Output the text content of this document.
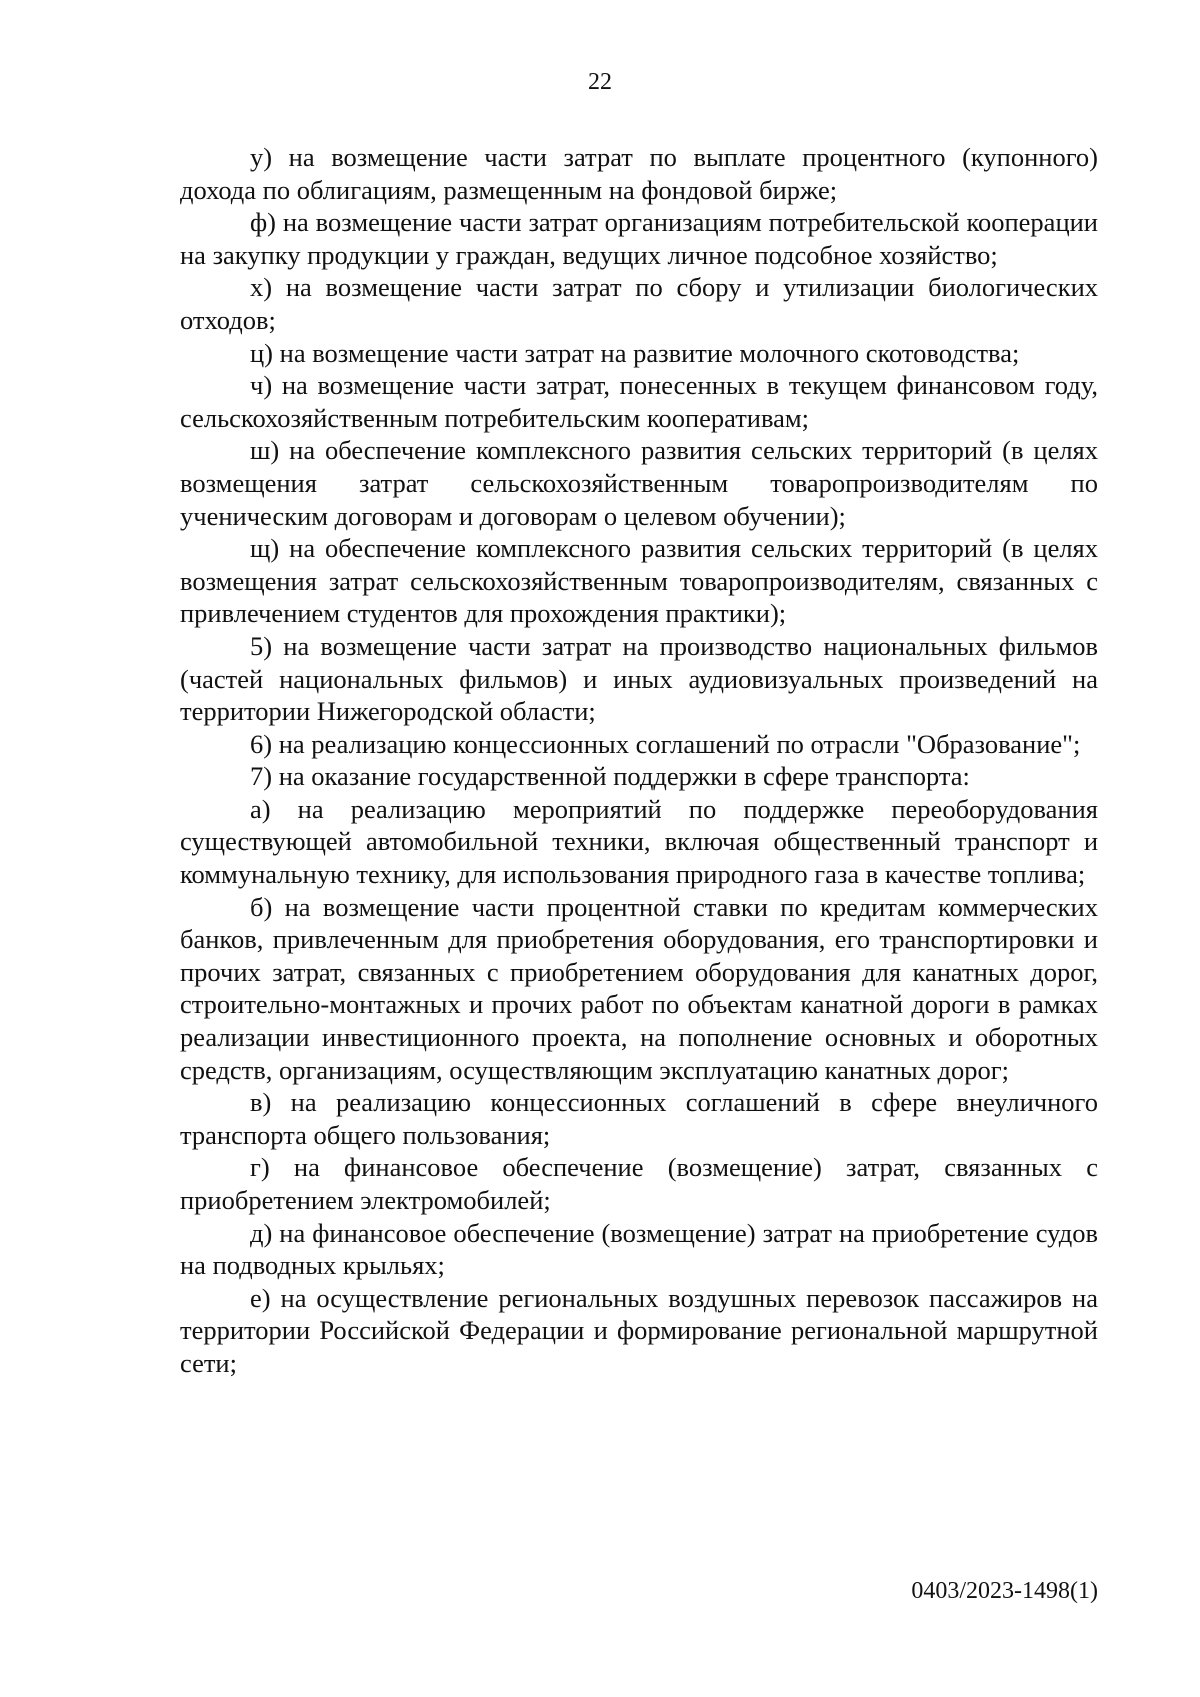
22

у) на возмещение части затрат по выплате процентного (купонного) дохода по облигациям, размещенным на фондовой бирже;

ф) на возмещение части затрат организациям потребительской кооперации на закупку продукции у граждан, ведущих личное подсобное хозяйство;

х) на возмещение части затрат по сбору и утилизации биологических отходов;

ц) на возмещение части затрат на развитие молочного скотоводства;

ч) на возмещение части затрат, понесенных в текущем финансовом году, сельскохозяйственным потребительским кооперативам;

ш) на обеспечение комплексного развития сельских территорий (в целях возмещения затрат сельскохозяйственным товаропроизводителям по ученическим договорам и договорам о целевом обучении);

щ) на обеспечение комплексного развития сельских территорий (в целях возмещения затрат сельскохозяйственным товаропроизводителям, связанных с привлечением студентов для прохождения практики);

5) на возмещение части затрат на производство национальных фильмов (частей национальных фильмов) и иных аудиовизуальных произведений на территории Нижегородской области;

6) на реализацию концессионных соглашений по отрасли "Образование";

7) на оказание государственной поддержки в сфере транспорта:

а) на реализацию мероприятий по поддержке переоборудования существующей автомобильной техники, включая общественный транспорт и коммунальную технику, для использования природного газа в качестве топлива;

б) на возмещение части процентной ставки по кредитам коммерческих банков, привлеченным для приобретения оборудования, его транспортировки и прочих затрат, связанных с приобретением оборудования для канатных дорог, строительно-монтажных и прочих работ по объектам канатной дороги в рамках реализации инвестиционного проекта, на пополнение основных и оборотных средств, организациям, осуществляющим эксплуатацию канатных дорог;

в) на реализацию концессионных соглашений в сфере внеуличного транспорта общего пользования;

г) на финансовое обеспечение (возмещение) затрат, связанных с приобретением электромобилей;

д) на финансовое обеспечение (возмещение) затрат на приобретение судов на подводных крыльях;

е) на осуществление региональных воздушных перевозок пассажиров на территории Российской Федерации и формирование региональной маршрутной сети;

0403/2023-1498(1)
